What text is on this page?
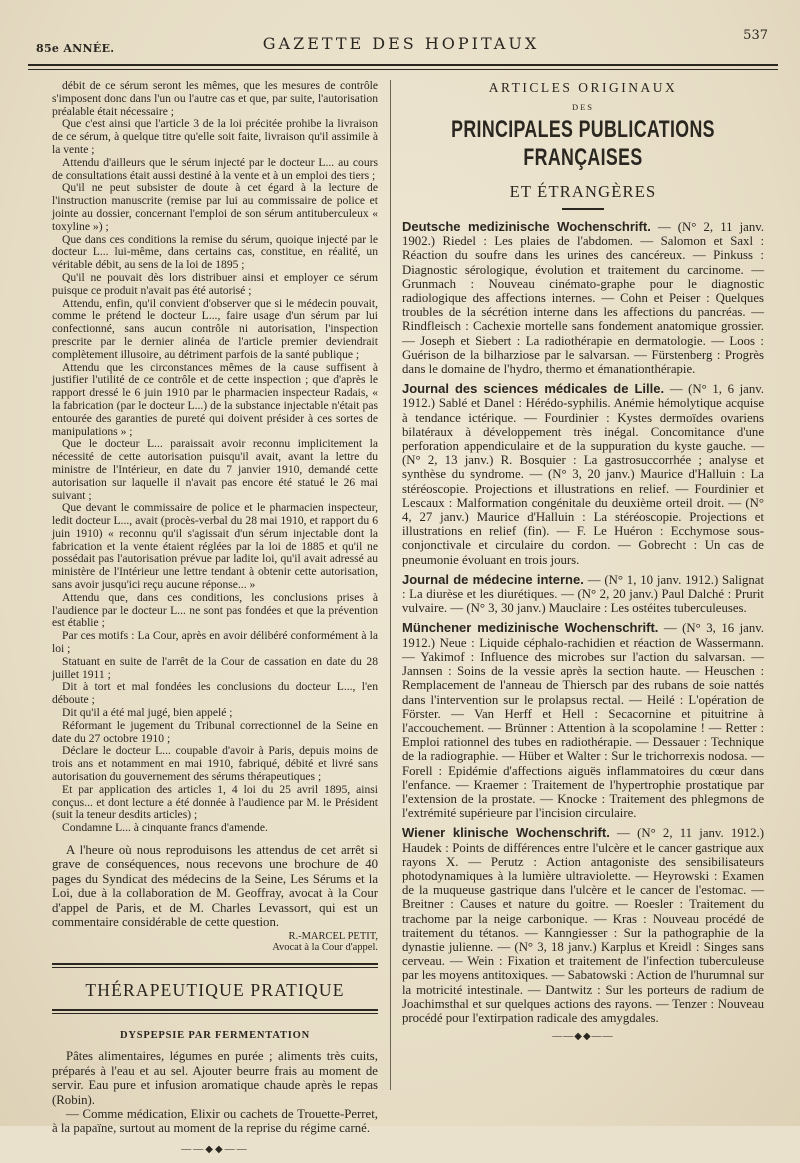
85e ANNÉE.	GAZETTE DES HOPITAUX	537

débit de ce sérum seront les mêmes, que les mesures de contrôle s'imposent donc dans l'un ou l'autre cas et que, par suite, l'autorisation préalable était nécessaire ;

Que c'est ainsi que l'article 3 de la loi précitée prohibe la livraison de ce sérum, à quelque titre qu'elle soit faite, livraison qu'il assimile à la vente ;

Attendu d'ailleurs que le sérum injecté par le docteur L... au cours de consultations était aussi destiné à la vente et à un emploi des tiers ;

Qu'il ne peut subsister de doute à cet égard à la lecture de l'instruction manuscrite (remise par lui au commissaire de police et jointe au dossier, concernant l'emploi de son sérum antituberculeux « toxyline ») ;

Que dans ces conditions la remise du sérum, quoique injecté par le docteur L... lui-même, dans certains cas, constitue, en réalité, un véritable débit, au sens de la loi de 1895 ;

Qu'il ne pouvait dès lors distribuer ainsi et employer ce sérum puisque ce produit n'avait pas été autorisé ;

Attendu, enfin, qu'il convient d'observer que si le médecin pouvait, comme le prétend le docteur L..., faire usage d'un sérum par lui confectionné, sans aucun contrôle ni autorisation, l'inspection prescrite par le dernier alinéa de l'article premier deviendrait complètement illusoire, au détriment parfois de la santé publique ;

Attendu que les circonstances mêmes de la cause suffisent à justifier l'utilité de ce contrôle et de cette inspection ; que d'après le rapport dressé le 6 juin 1910 par le pharmacien inspecteur Radais, « la fabrication (par le docteur L...) de la substance injectable n'était pas entourée des garanties de pureté qui doivent présider à ces sortes de manipulations » ;

Que le docteur L... paraissait avoir reconnu implicitement la nécessité de cette autorisation puisqu'il avait, avant la lettre du ministre de l'Intérieur, en date du 7 janvier 1910, demandé cette autorisation sur laquelle il n'avait pas encore été statué le 26 mai suivant ;

Que devant le commissaire de police et le pharmacien inspecteur, ledit docteur L..., avait (procès-verbal du 28 mai 1910, et rapport du 6 juin 1910) « reconnu qu'il s'agissait d'un sérum injectable dont la fabrication et la vente étaient réglées par la loi de 1885 et qu'il ne possédait pas l'autorisation prévue par ladite loi, qu'il avait adressé au ministère de l'Intérieur une lettre tendant à obtenir cette autorisation, sans avoir jusqu'ici reçu aucune réponse... »

Attendu que, dans ces conditions, les conclusions prises à l'audience par le docteur L... ne sont pas fondées et que la prévention est établie ;

Par ces motifs : La Cour, après en avoir délibéré conformément à la loi ;

Statuant en suite de l'arrêt de la Cour de cassation en date du 28 juillet 1911 ;

Dit à tort et mal fondées les conclusions du docteur L..., l'en déboute ;

Dit qu'il a été mal jugé, bien appelé ;

Réformant le jugement du Tribunal correctionnel de la Seine en date du 27 octobre 1910 ;

Déclare le docteur L... coupable d'avoir à Paris, depuis moins de trois ans et notamment en mai 1910, fabriqué, débité et livré sans autorisation du gouvernement des sérums thérapeutiques ;

Et par application des articles 1, 4 loi du 25 avril 1895, ainsi conçus... et dont lecture a été donnée à l'audience par M. le Président (suit la teneur desdits articles) ;

Condamne L... à cinquante francs d'amende.

A l'heure où nous reproduisons les attendus de cet arrêt si grave de conséquences, nous recevons une brochure de 40 pages du Syndicat des médecins de la Seine, Les Sérums et la Loi, due à la collaboration de M. Geoffray, avocat à la Cour d'appel de Paris, et de M. Charles Levassort, qui est un commentaire considérable de cette question.

R.-MARCEL PETIT,
Avocat à la Cour d'appel.
THÉRAPEUTIQUE PRATIQUE
DYSPEPSIE PAR FERMENTATION

Pâtes alimentaires, légumes en purée ; aliments très cuits, préparés à l'eau et au sel. Ajouter beurre frais au moment de servir. Eau pure et infusion aromatique chaude après le repas (Robin).

— Comme médication, Elixir ou cachets de Trouette-Perret, à la papaïne, surtout au moment de la reprise du régime carné.

——◆◆——
ARTICLES ORIGINAUX
DES
PRINCIPALES PUBLICATIONS FRANÇAISES
ET ÉTRANGÈRES
Deutsche medizinische Wochenschrift. — (N° 2, 11 janv. 1902.) Riedel : Les plaies de l'abdomen. — Salomon et Saxl : Réaction du soufre dans les urines des cancéreux. — Pinkuss : Diagnostic sérologique, évolution et traitement du carcinome. — Grunmach : Nouveau cinémato-graphe pour le diagnostic radiologique des affections internes. — Cohn et Peiser : Quelques troubles de la sécrétion interne dans les affections du pancréas. — Rindfleisch : Cachexie mortelle sans fondement anatomique grossier. — Joseph et Siebert : La radiothérapie en dermatologie. — Loos : Guérison de la bilharziose par le salvarsan. — Fürstenberg : Progrès dans le domaine de l'hydro, thermo et émanationthérapie.
Journal des sciences médicales de Lille. — (N° 1, 6 janv. 1912.) Sablé et Danel : Hérédo-syphilis. Anémie hémolytique acquise à tendance ictérique. — Fourdinier : Kystes dermoïdes ovariens bilatéraux à développement très inégal. Concomitance d'une perforation appendiculaire et de la suppuration du kyste gauche. — (N° 2, 13 janv.) R. Bosquier : La gastrosuccorrhée ; analyse et synthèse du syndrome. — (N° 3, 20 janv.) Maurice d'Halluin : La stéréoscopie. Projections et illustrations en relief. — Fourdinier et Lescaux : Malformation congénitale du deuxième orteil droit. — (N° 4, 27 janv.) Maurice d'Halluin : La stéréoscopie. Projections et illustrations en relief (fin). — F. Le Huéron : Ecchymose sous-conjonctivale et circulaire du cordon. — Gobrecht : Un cas de pneumonie évoluant en trois jours.
Journal de médecine interne. — (N° 1, 10 janv. 1912.) Salignat : La diurèse et les diurétiques. — (N° 2, 20 janv.) Paul Dalché : Prurit vulvaire. — (N° 3, 30 janv.) Mauclaire : Les ostéites tuberculeuses.
Münchener medizinische Wochenschrift. — (N° 3, 16 janv. 1912.) Neue : Liquide céphalo-rachidien et réaction de Wassermann. — Yakimof : Influence des microbes sur l'action du salvarsan. — Jannsen : Soins de la vessie après la section haute. — Heuschen : Remplacement de l'anneau de Thiersch par des rubans de soie nattés dans l'intervention sur le prolapsus rectal. — Heilé : L'opération de Förster. — Van Herff et Hell : Secacornine et pituitrine à l'accouchement. — Brünner : Attention à la scopolamine ! — Retter : Emploi rationnel des tubes en radiothérapie. — Dessauer : Technique de la radiographie. — Hüber et Walter : Sur le trichorrexis nodosa. — Forell : Epidémie d'affections aiguës inflammatoires du cœur dans l'enfance. — Kraemer : Traitement de l'hypertrophie prostatique par l'extension de la prostate. — Knocke : Traitement des phlegmons de l'extrémité supérieure par l'incision circulaire.
Wiener klinische Wochenschrift. — (N° 2, 11 janv. 1912.) Haudek : Points de différences entre l'ulcère et le cancer gastrique aux rayons X. — Perutz : Action antagoniste des sensibilisateurs photodynamiques à la lumière ultraviolette. — Heyrowski : Examen de la muqueuse gastrique dans l'ulcère et le cancer de l'estomac. — Breitner : Causes et nature du goitre. — Roesler : Traitement du trachome par la neige carbonique. — Kras : Nouveau procédé de traitement du tétanos. — Kanngiesser : Sur la pathographie de la dynastie julienne. — (N° 3, 18 janv.) Karplus et Kreidl : Singes sans cerveau. — Wein : Fixation et traitement de l'infection tuberculeuse par les moyens antitoxiques. — Sabatowski : Action de l'hurumnal sur la motricité intestinale. — Dantwitz : Sur les porteurs de radium de Joachimsthal et sur quelques actions des rayons. — Tenzer : Nouveau procédé pour l'extirpation radicale des amygdales.
——◆◆——
